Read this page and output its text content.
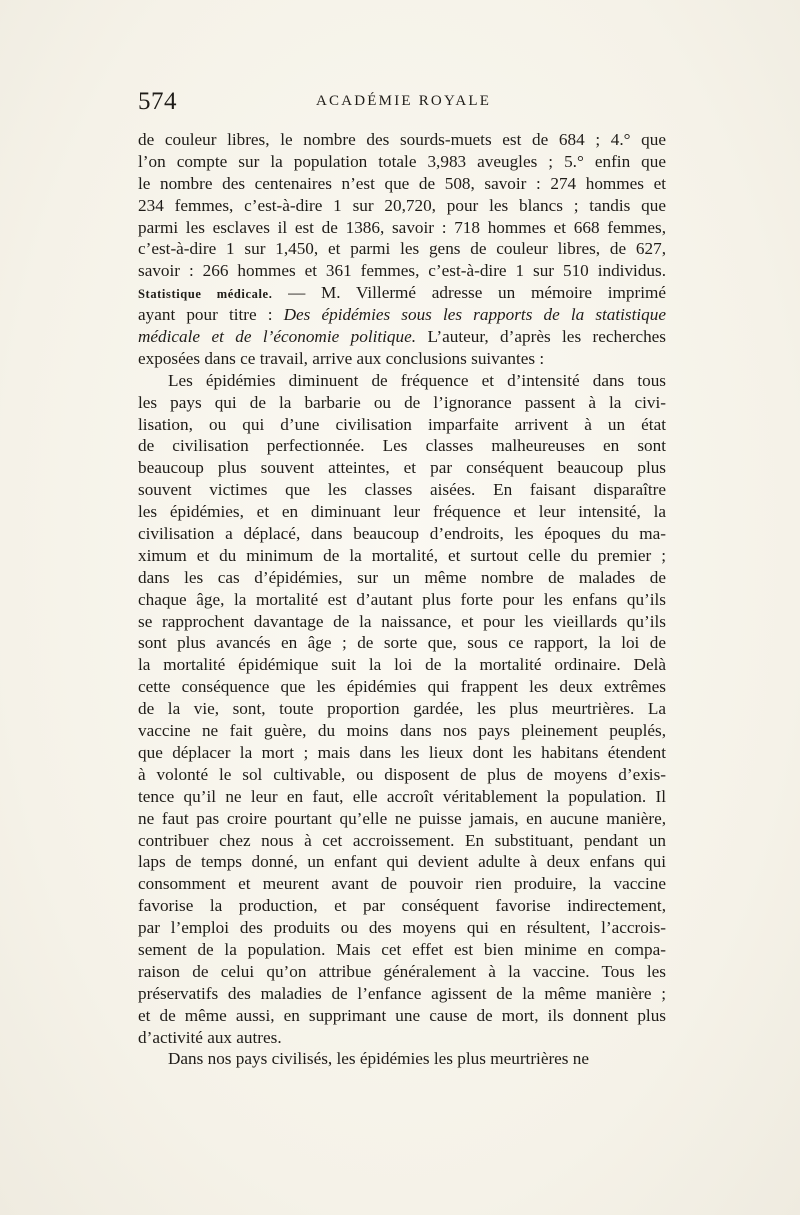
574	ACADÉMIE ROYALE
de couleur libres, le nombre des sourds-muets est de 684 ; 4.° que
l’on compte sur la population totale 3,983 aveugles ; 5.° enfin que
le nombre des centenaires n’est que de 508, savoir : 274 hommes et
234 femmes, c’est-à-dire 1 sur 20,720, pour les blancs ; tandis que
parmi les esclaves il est de 1386, savoir : 718 hommes et 668 femmes,
c’est-à-dire 1 sur 1,450, et parmi les gens de couleur libres, de 627,
savoir : 266 hommes et 361 femmes, c’est-à-dire 1 sur 510 individus.
Statistique médicale. — M. Villermé adresse un mémoire imprimé
ayant pour titre : Des épidémies sous les rapports de la statistique
médicale et de l’économie politique. L’auteur, d’après les recherches
exposées dans ce travail, arrive aux conclusions suivantes :
Les épidémies diminuent de fréquence et d’intensité dans tous
les pays qui de la barbarie ou de l’ignorance passent à la civi-
lisation, ou qui d’une civilisation imparfaite arrivent à un état
de civilisation perfectionnée. Les classes malheureuses en sont
beaucoup plus souvent atteintes, et par conséquent beaucoup plus
souvent victimes que les classes aisées. En faisant disparaître
les épidémies, et en diminuant leur fréquence et leur intensité, la
civilisation a déplacé, dans beaucoup d’endroits, les époques du ma-
ximum et du minimum de la mortalité, et surtout celle du premier ;
dans les cas d’épidémies, sur un même nombre de malades de
chaque âge, la mortalité est d’autant plus forte pour les enfans qu’ils
se rapprochent davantage de la naissance, et pour les vieillards qu’ils
sont plus avancés en âge ; de sorte que, sous ce rapport, la loi de
la mortalité épidémique suit la loi de la mortalité ordinaire. Delà
cette conséquence que les épidémies qui frappent les deux extrêmes
de la vie, sont, toute proportion gardée, les plus meurtrières. La
vaccine ne fait guère, du moins dans nos pays pleinement peuplés,
que déplacer la mort ; mais dans les lieux dont les habitans étendent
à volonté le sol cultivable, ou disposent de plus de moyens d’exis-
tence qu’il ne leur en faut, elle accroît véritablement la population. Il
ne faut pas croire pourtant qu’elle ne puisse jamais, en aucune manière,
contribuer chez nous à cet accroissement. En substituant, pendant un
laps de temps donné, un enfant qui devient adulte à deux enfans qui
consomment et meurent avant de pouvoir rien produire, la vaccine
favorise la production, et par conséquent favorise indirectement,
par l’emploi des produits ou des moyens qui en résultent, l’accrois-
sement de la population. Mais cet effet est bien minime en compa-
raison de celui qu’on attribue généralement à la vaccine. Tous les
préservatifs des maladies de l’enfance agissent de la même manière ;
et de même aussi, en supprimant une cause de mort, ils donnent plus
d’activité aux autres.
Dans nos pays civilisés, les épidémies les plus meurtrières ne
